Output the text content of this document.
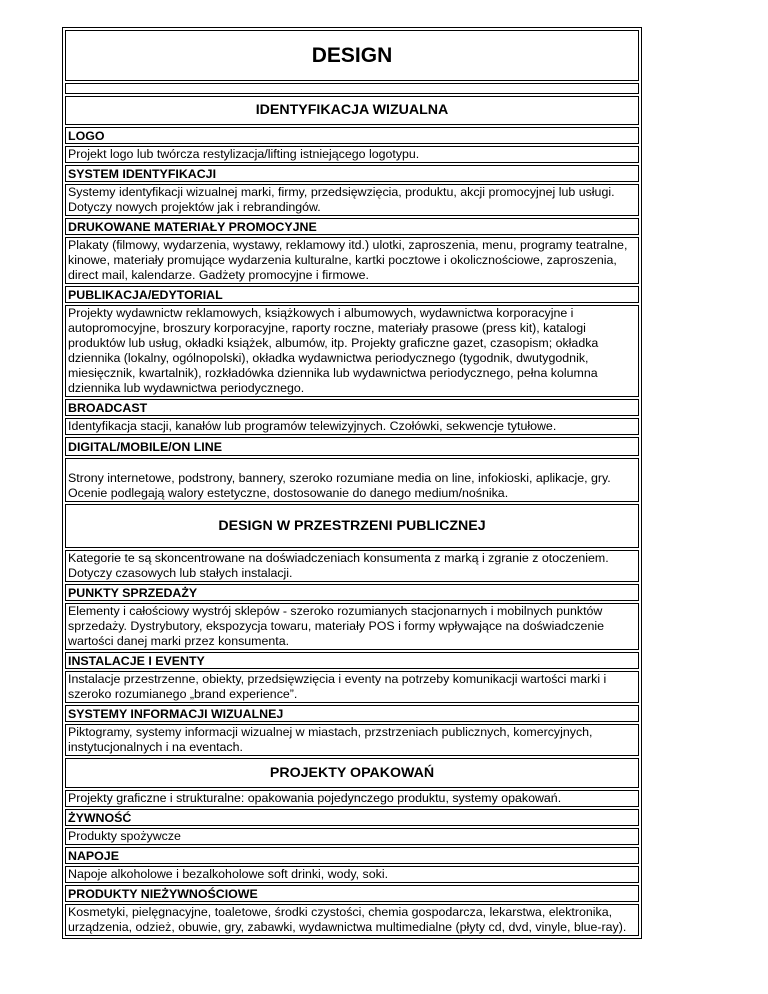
DESIGN
IDENTYFIKACJA WIZUALNA
LOGO
Projekt logo lub twórcza restylizacja/lifting istniejącego logotypu.
SYSTEM IDENTYFIKACJI
Systemy identyfikacji wizualnej marki, firmy, przedsięwzięcia, produktu, akcji promocyjnej lub usługi. Dotyczy nowych projektów jak i rebrandingów.
DRUKOWANE MATERIAŁY PROMOCYJNE
Plakaty (filmowy, wydarzenia, wystawy, reklamowy itd.) ulotki, zaproszenia, menu, programy teatralne, kinowe, materiały promujące wydarzenia kulturalne, kartki pocztowe i okolicznościowe, zaproszenia, direct mail, kalendarze. Gadżety promocyjne i firmowe.
PUBLIKACJA/EDYTORIAL
Projekty wydawnictw reklamowych, książkowych i albumowych, wydawnictwa korporacyjne i autopromocyjne, broszury korporacyjne, raporty roczne, materiały prasowe (press kit), katalogi produktów lub usług, okładki książek, albumów, itp. Projekty graficzne gazet, czasopism; okładka dziennika (lokalny, ogólnopolski), okładka wydawnictwa periodycznego (tygodnik, dwutygodnik, miesięcznik, kwartalnik), rozkładówka dziennika lub wydawnictwa periodycznego, pełna kolumna dziennika lub wydawnictwa periodycznego.
BROADCAST
Identyfikacja stacji, kanałów lub programów telewizyjnych. Czołówki, sekwencje tytułowe.
DIGITAL/MOBILE/ON LINE
Strony internetowe, podstrony, bannery, szeroko rozumiane media on line, infokioski, aplikacje, gry. Ocenie podlegają walory estetyczne, dostosowanie do danego medium/nośnika.
DESIGN W PRZESTRZENI PUBLICZNEJ
Kategorie te są skoncentrowane na doświadczeniach konsumenta z marką i zgranie z otoczeniem. Dotyczy czasowych lub stałych instalacji.
PUNKTY SPRZEDAŻY
Elementy i całościowy wystrój sklepów - szeroko rozumianych stacjonarnych i mobilnych punktów sprzedaży. Dystrybutory, ekspozycja towaru, materiały POS i formy wpływające na doświadczenie wartości danej marki przez konsumenta.
INSTALACJE I EVENTY
Instalacje przestrzenne, obiekty, przedsięwzięcia i eventy na potrzeby komunikacji wartości marki i szeroko rozumianego „brand experience”.
SYSTEMY INFORMACJI WIZUALNEJ
Piktogramy, systemy informacji wizualnej w miastach, przstrzeniach publicznych, komercyjnych, instytucjonalnych i na eventach.
PROJEKTY OPAKOWAŃ
Projekty graficzne i strukturalne: opakowania pojedynczego produktu, systemy opakowań.
ŻYWNOŚĆ
Produkty spożywcze
NAPOJE
Napoje alkoholowe i bezalkoholowe soft drinki, wody, soki.
PRODUKTY NIEŻYWNOŚCIOWE
Kosmetyki, pielęgnacyjne, toaletowe, środki czystości, chemia gospodarcza, lekarstwa, elektronika, urządzenia, odzież, obuwie, gry, zabawki, wydawnictwa multimedialne (płyty cd, dvd, vinyle, blue-ray).
